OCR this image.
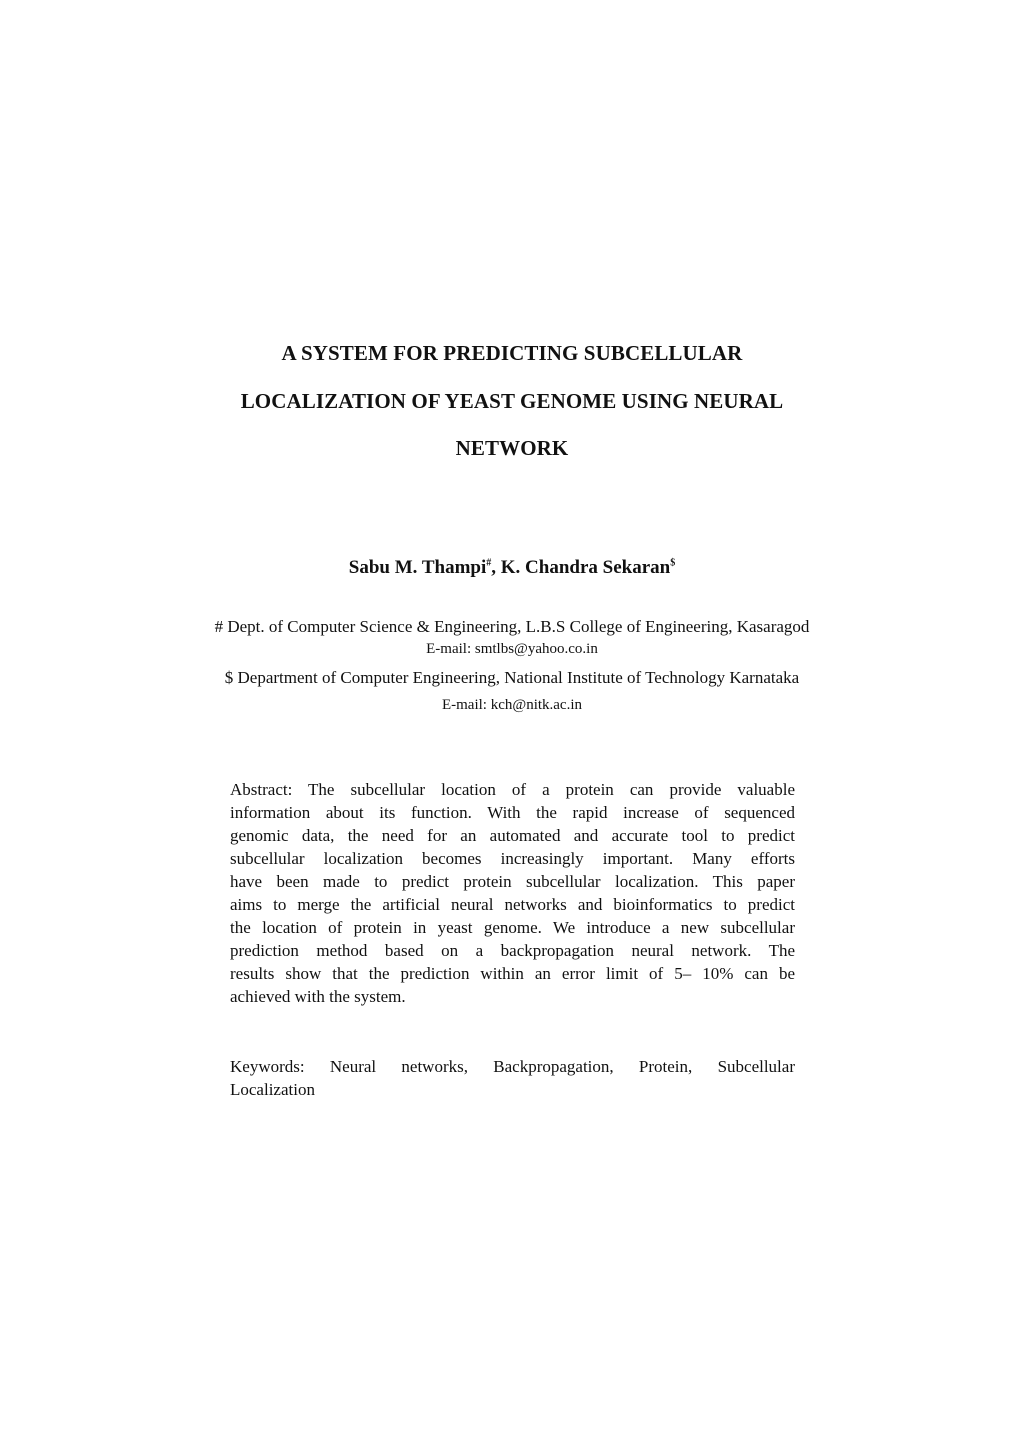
A SYSTEM FOR PREDICTING SUBCELLULAR
LOCALIZATION OF YEAST GENOME USING NEURAL
NETWORK
Sabu M. Thampi#, K. Chandra Sekaran$
# Dept. of Computer Science & Engineering, L.B.S College of Engineering, Kasaragod
E-mail: smtlbs@yahoo.co.in
$ Department of Computer Engineering, National Institute of Technology Karnataka
E-mail: kch@nitk.ac.in
Abstract: The subcellular location of a protein can provide valuable
information about its function. With the rapid increase of sequenced
genomic data, the need for an automated and accurate tool to predict
subcellular localization becomes increasingly important. Many efforts
have been made to predict protein subcellular localization. This paper
aims to merge the artificial neural networks and bioinformatics to predict
the location of protein in yeast genome. We introduce a new subcellular
prediction method based on a backpropagation neural network. The
results show that the prediction within an error limit of 5– 10% can be
achieved with the system.
Keywords: Neural networks, Backpropagation, Protein, Subcellular
Localization
